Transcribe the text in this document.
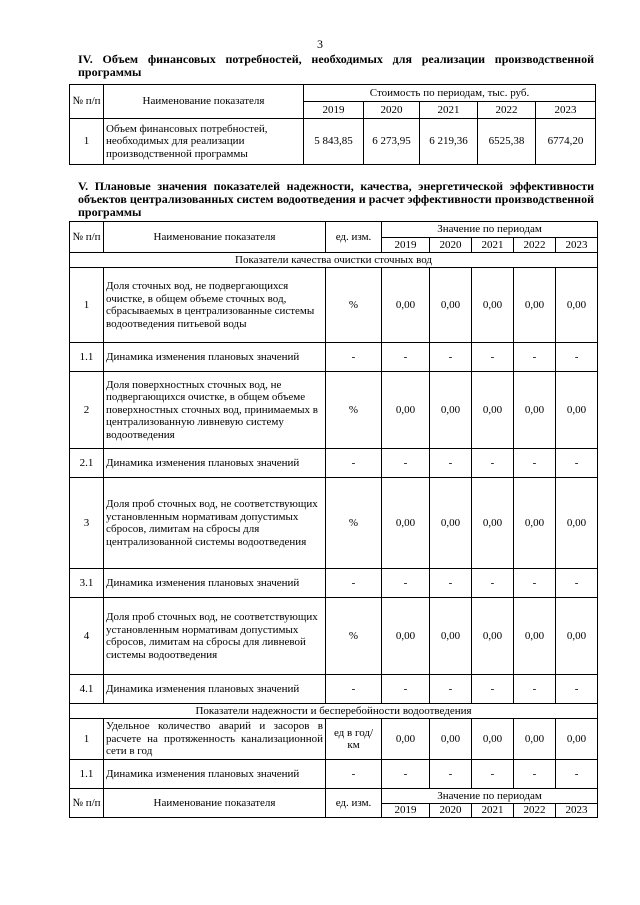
3
IV. Объем финансовых потребностей, необходимых для реализации производственной программы
№ п/п	Наименование показателя	Стоимость по периодам, тыс. руб.				
		2019	2020	2021	2022	2023
1	Объем финансовых потребностей, необходимых для реализации производственной программы	5 843,85	6 273,95	6 219,36	6525,38	6774,20
V. Плановые значения показателей надежности, качества, энергетической эффективности объектов централизованных систем водоотведения и расчет эффективности производственной программы
№ п/п	Наименование показателя	ед. изм.	Значение по периодам				
			2019	2020	2021	2022	2023
Показатели качества очистки сточных вод							
1	Доля сточных вод, не подвергающихся очистке, в общем объеме сточных вод, сбрасываемых в централизованные системы водоотведения питьевой воды	%	0,00	0,00	0,00	0,00	0,00
1.1	Динамика изменения плановых значений	-	-	-	-	-	-
2	Доля поверхностных сточных вод, не подвергающихся очистке, в общем объеме поверхностных сточных вод, принимаемых в централизованную ливневую систему водоотведения	%	0,00	0,00	0,00	0,00	0,00
2.1	Динамика изменения плановых значений	-	-	-	-	-	-
3	Доля проб сточных вод, не соответствующих установленным нормативам допустимых сбросов, лимитам на сбросы для централизованной системы водоотведения	%	0,00	0,00	0,00	0,00	0,00
3.1	Динамика изменения плановых значений	-	-	-	-	-	-
4	Доля проб сточных вод, не соответствующих установленным нормативам допустимых сбросов, лимитам на сбросы для ливневой системы водоотведения	%	0,00	0,00	0,00	0,00	0,00
4.1	Динамика изменения плановых значений	-	-	-	-	-	-
Показатели надежности и бесперебойности водоотведения							
1	Удельное количество аварий и засоров в расчете на протяженность канализационной сети в год	ед в год/ км	0,00	0,00	0,00	0,00	0,00
1.1	Динамика изменения плановых значений	-	-	-	-	-	-
№ п/п	Наименование показателя	ед. изм.	Значение по периодам				
			2019	2020	2021	2022	2023
